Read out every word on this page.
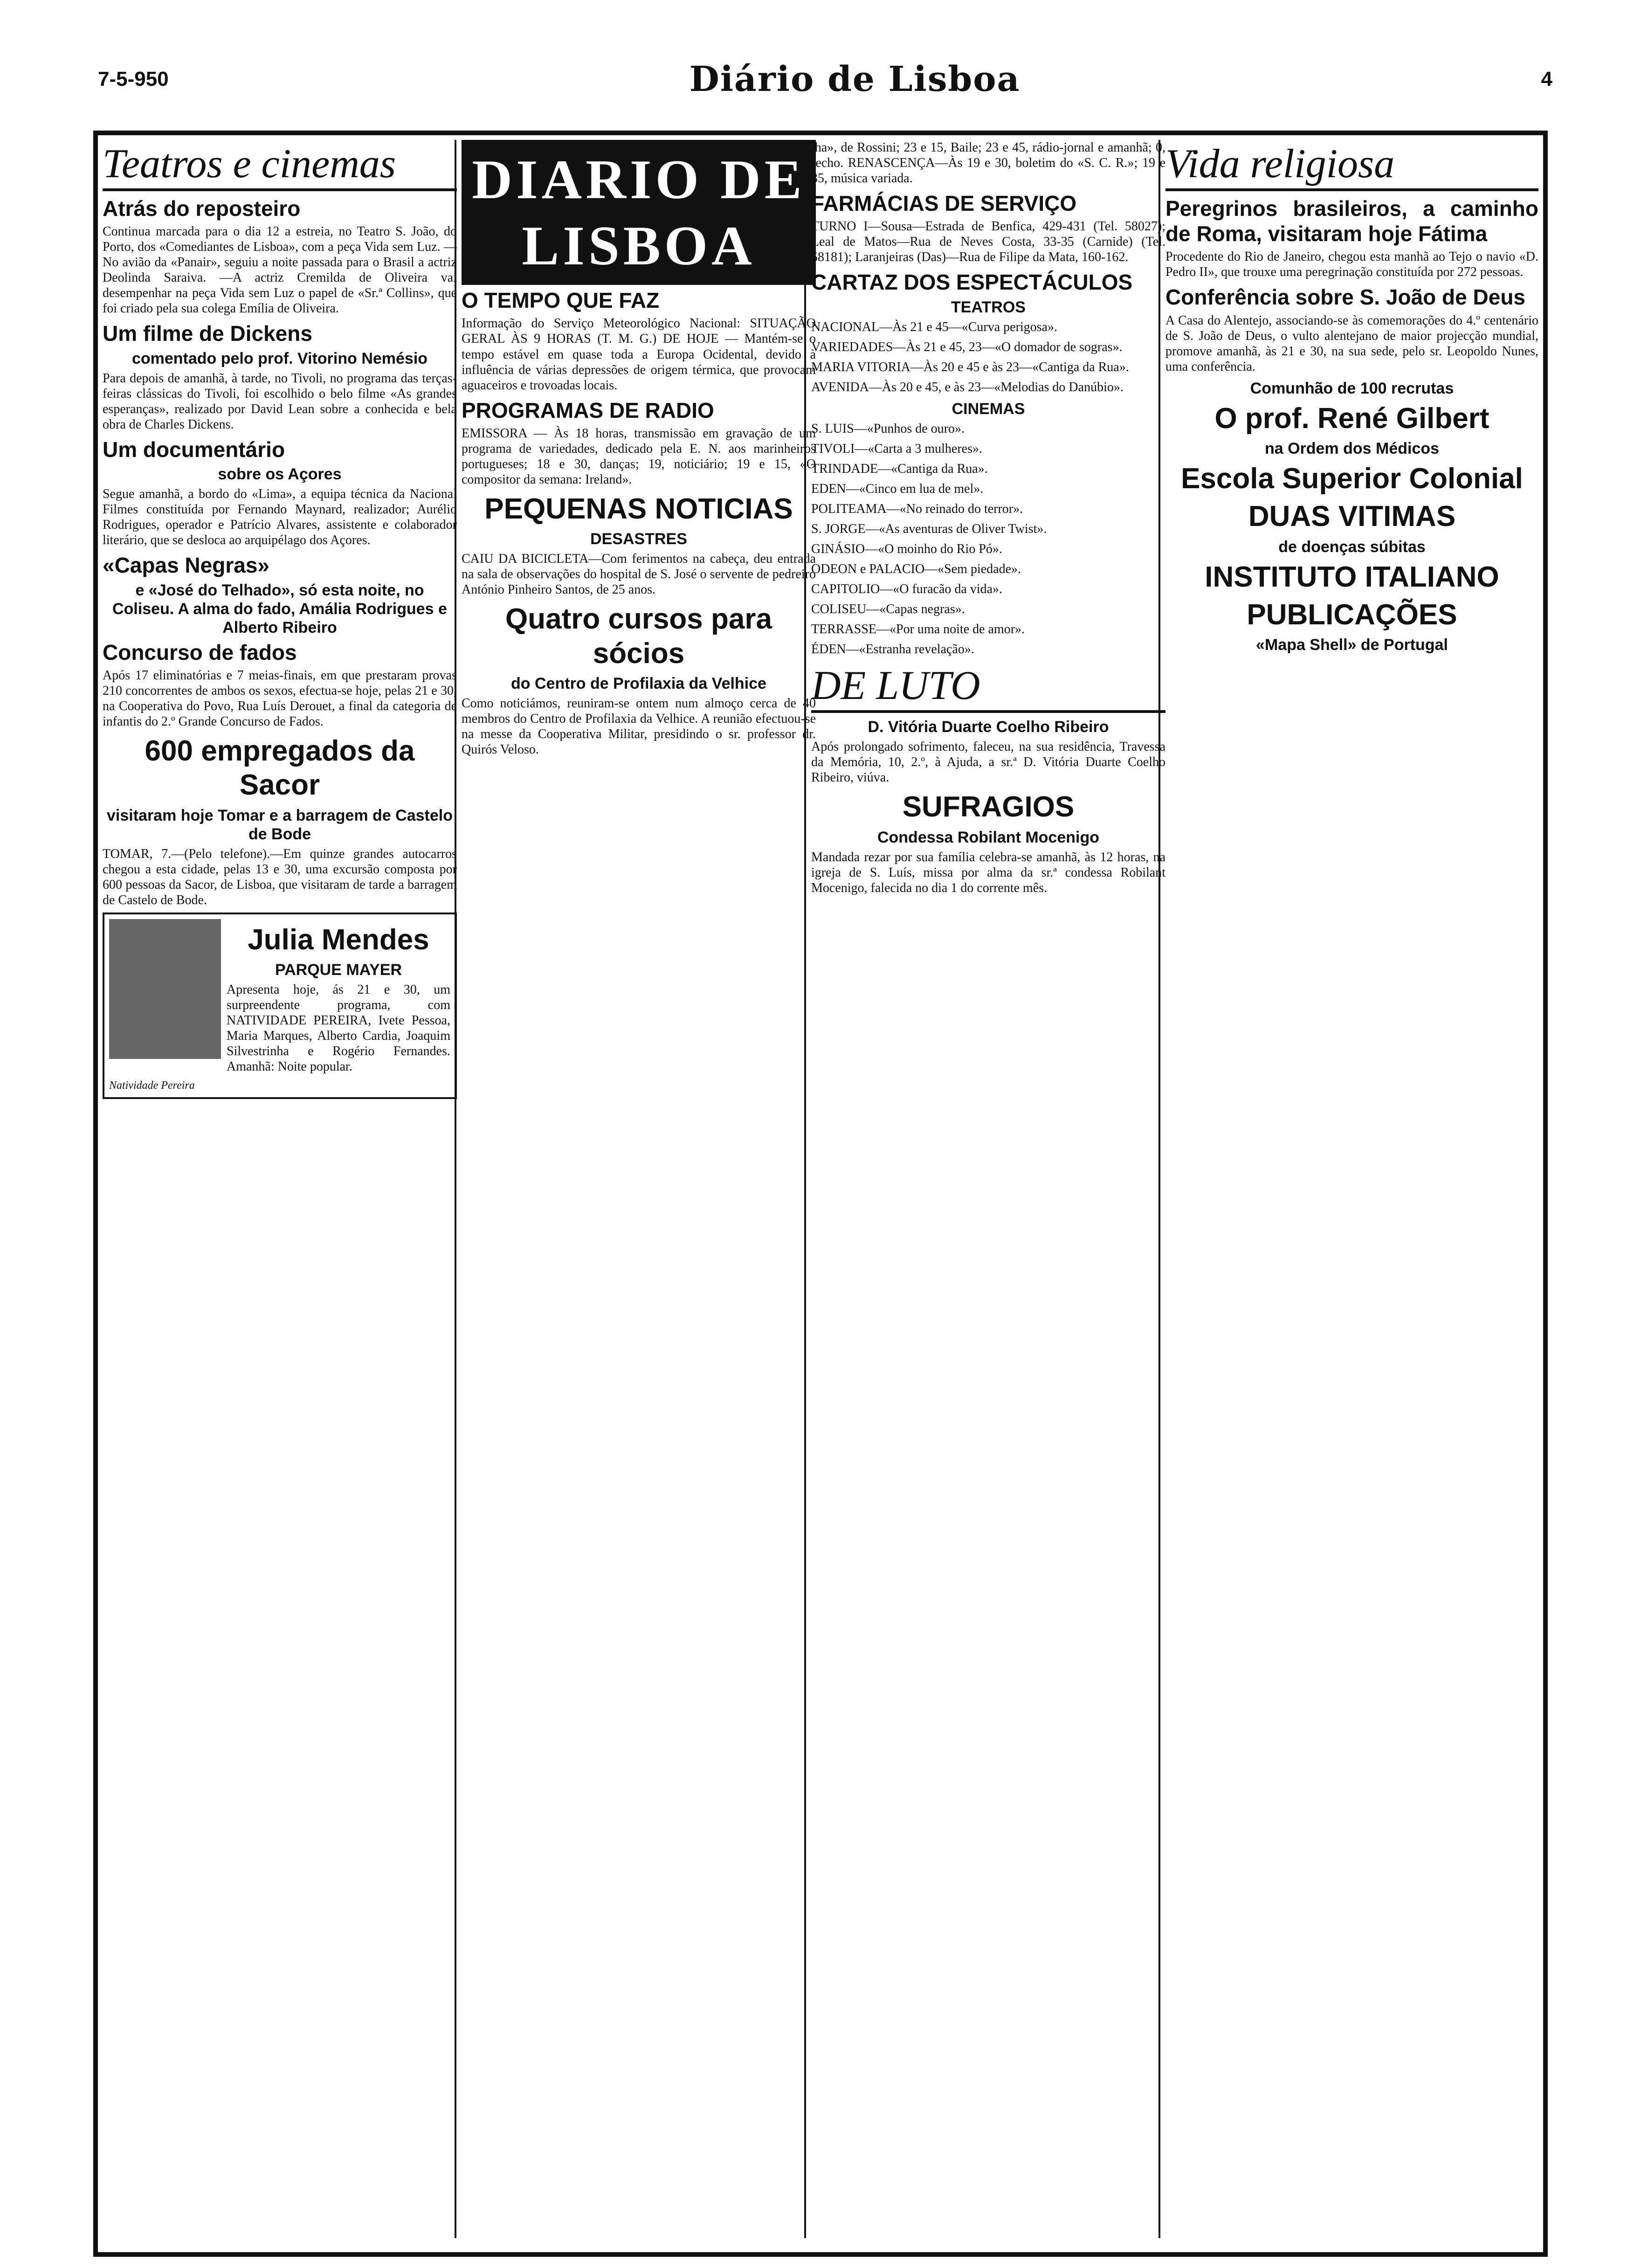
7-5-950	Diário de Lisboa	4
Teatros e cinemas
Atrás do reposteiro

Continua marcada para o dia 12 a estreia, no Teatro S. João, do Porto, dos «Comediantes de Lisboa», com a peça Vida sem Luz. —No avião da «Panair», seguiu a noite passada para o Brasil a actriz Deolinda Saraiva. —A actriz Cremilda de Oliveira vai desempenhar na peça Vida sem Luz o papel de «Sr.ª Collins», que foi criado pela sua colega Emília de Oliveira.

Um filme de Dickens
comentado pelo prof. Vitorino Nemésio

Para depois de amanhã, à tarde, no Tivoli, no programa das terças-feiras clássicas do Tivoli, foi escolhido o belo filme «As grandes esperanças», realizado por David Lean sobre a conhecida e bela obra de Charles Dickens.

Um documentário
sobre os Açores

Segue amanhã, a bordo do «Lima», a equipa técnica da Nacional Filmes constituída por Fernando Maynard, realizador; Aurélio Rodrigues, operador e Patrício Alvares, assistente e colaborador literário, que se desloca ao arquipélago dos Açores.

«Capas Negras»
e «José do Telhado», só esta noite, no Coliseu. A alma do fado, Amália Rodrigues e Alberto Ribeiro
Concurso de fados

Após 17 eliminatórias e 7 meias-finais, em que prestaram provas 210 concorrentes de ambos os sexos, efectua-se hoje, pelas 21 e 30, na Cooperativa do Povo, Rua Luís Derouet, a final da categoria de infantis do 2.º Grande Concurso de Fados.

600 empregados da Sacor
visitaram hoje Tomar e a barragem de Castelo de Bode

TOMAR, 7.—(Pelo telefone).—Em quinze grandes autocarros chegou a esta cidade, pelas 13 e 30, uma excursão composta por 600 pessoas da Sacor, de Lisboa, que visitaram de tarde a barragem de Castelo de Bode.

Julia Mendes
PARQUE MAYER

Apresenta hoje, ás 21 e 30, um surpreendente programa, com NATIVIDADE PEREIRA, Ivete Pessoa, Maria Marques, Alberto Cardia, Joaquim Silvestrinha e Rogério Fernandes. Amanhã: Noite popular.

Natividade Pereira
DIARIO DE LISBOA
O TEMPO QUE FAZ

Informação do Serviço Meteorológico Nacional: SITUAÇÃO GERAL ÀS 9 HORAS (T. M. G.) DE HOJE — Mantém-se o tempo estável em quase toda a Europa Ocidental, devido à influência de várias depressões de origem térmica, que provocam aguaceiros e trovoadas locais.

PROGRAMAS DE RADIO

EMISSORA — Às 18 horas, transmissão em gravação de um programa de variedades, dedicado pela E. N. aos marinheiros portugueses; 18 e 30, danças; 19, noticiário; 19 e 15, «O compositor da semana: Ireland».

PEQUENAS NOTICIAS
DESASTRES

CAIU DA BICICLETA—Com ferimentos na cabeça, deu entrada na sala de observações do hospital de S. José o servente de pedreiro António Pinheiro Santos, de 25 anos.

Quatro cursos para sócios
do Centro de Profilaxia da Velhice

Como noticiámos, reuniram-se ontem num almoço cerca de 40 membros do Centro de Profilaxia da Velhice. A reunião efectuou-se na messe da Cooperativa Militar, presidindo o sr. professor dr. Quirós Veloso.

lha», de Rossini; 23 e 15, Baile; 23 e 45, rádio-jornal e amanhã; 0, fecho. RENASCENÇA—Às 19 e 30, boletim do «S. C. R.»; 19 e 35, música variada.

FARMÁCIAS DE SERVIÇO

TURNO I—Sousa—Estrada de Benfica, 429-431 (Tel. 58027); Leal de Matos—Rua de Neves Costa, 33-35 (Carnide) (Tel. 58181); Laranjeiras (Das)—Rua de Filipe da Mata, 160-162.

CARTAZ DOS ESPECTÁCULOS
TEATROS

NACIONAL—Às 21 e 45—«Curva perigosa».

VARIEDADES—Às 21 e 45, 23—«O domador de sogras».

MARIA VITORIA—Às 20 e 45 e às 23—«Cantiga da Rua».

AVENIDA—Às 20 e 45, e às 23—«Melodias do Danúbio».

CINEMAS

S. LUIS—«Punhos de ouro».

TIVOLI—«Carta a 3 mulheres».

TRINDADE—«Cantiga da Rua».

EDEN—«Cinco em lua de mel».

POLITEAMA—«No reinado do terror».

S. JORGE—«As aventuras de Oliver Twist».

GINÁSIO—«O moinho do Rio Pó».

ODEON e PALACIO—«Sem piedade».

CAPITOLIO—«O furacão da vida».

COLISEU—«Capas negras».

TERRASSE—«Por uma noite de amor».

ÉDEN—«Estranha revelação».

DE LUTO
D. Vitória Duarte Coelho Ribeiro

Após prolongado sofrimento, faleceu, na sua residência, Travessa da Memória, 10, 2.º, à Ajuda, a sr.ª D. Vitória Duarte Coelho Ribeiro, viúva.

SUFRAGIOS
Condessa Robilant Mocenigo

Mandada rezar por sua família celebra-se amanhã, às 12 horas, na igreja de S. Luís, missa por alma da sr.ª condessa Robilant Mocenigo, falecida no dia 1 do corrente mês.

Vida religiosa
Peregrinos brasileiros, a caminho de Roma, visitaram hoje Fátima

Procedente do Rio de Janeiro, chegou esta manhã ao Tejo o navio «D. Pedro II», que trouxe uma peregrinação constituída por 272 pessoas.

Conferência sobre S. João de Deus

A Casa do Alentejo, associando-se às comemorações do 4.º centenário de S. João de Deus, o vulto alentejano de maior projecção mundial, promove amanhã, às 21 e 30, na sua sede, pelo sr. Leopoldo Nunes, uma conferência.

Comunhão de 100 recrutas
O prof. René Gilbert
na Ordem dos Médicos
Escola Superior Colonial
DUAS VITIMAS
de doenças súbitas
INSTITUTO ITALIANO
PUBLICAÇÕES
«Mapa Shell» de Portugal
